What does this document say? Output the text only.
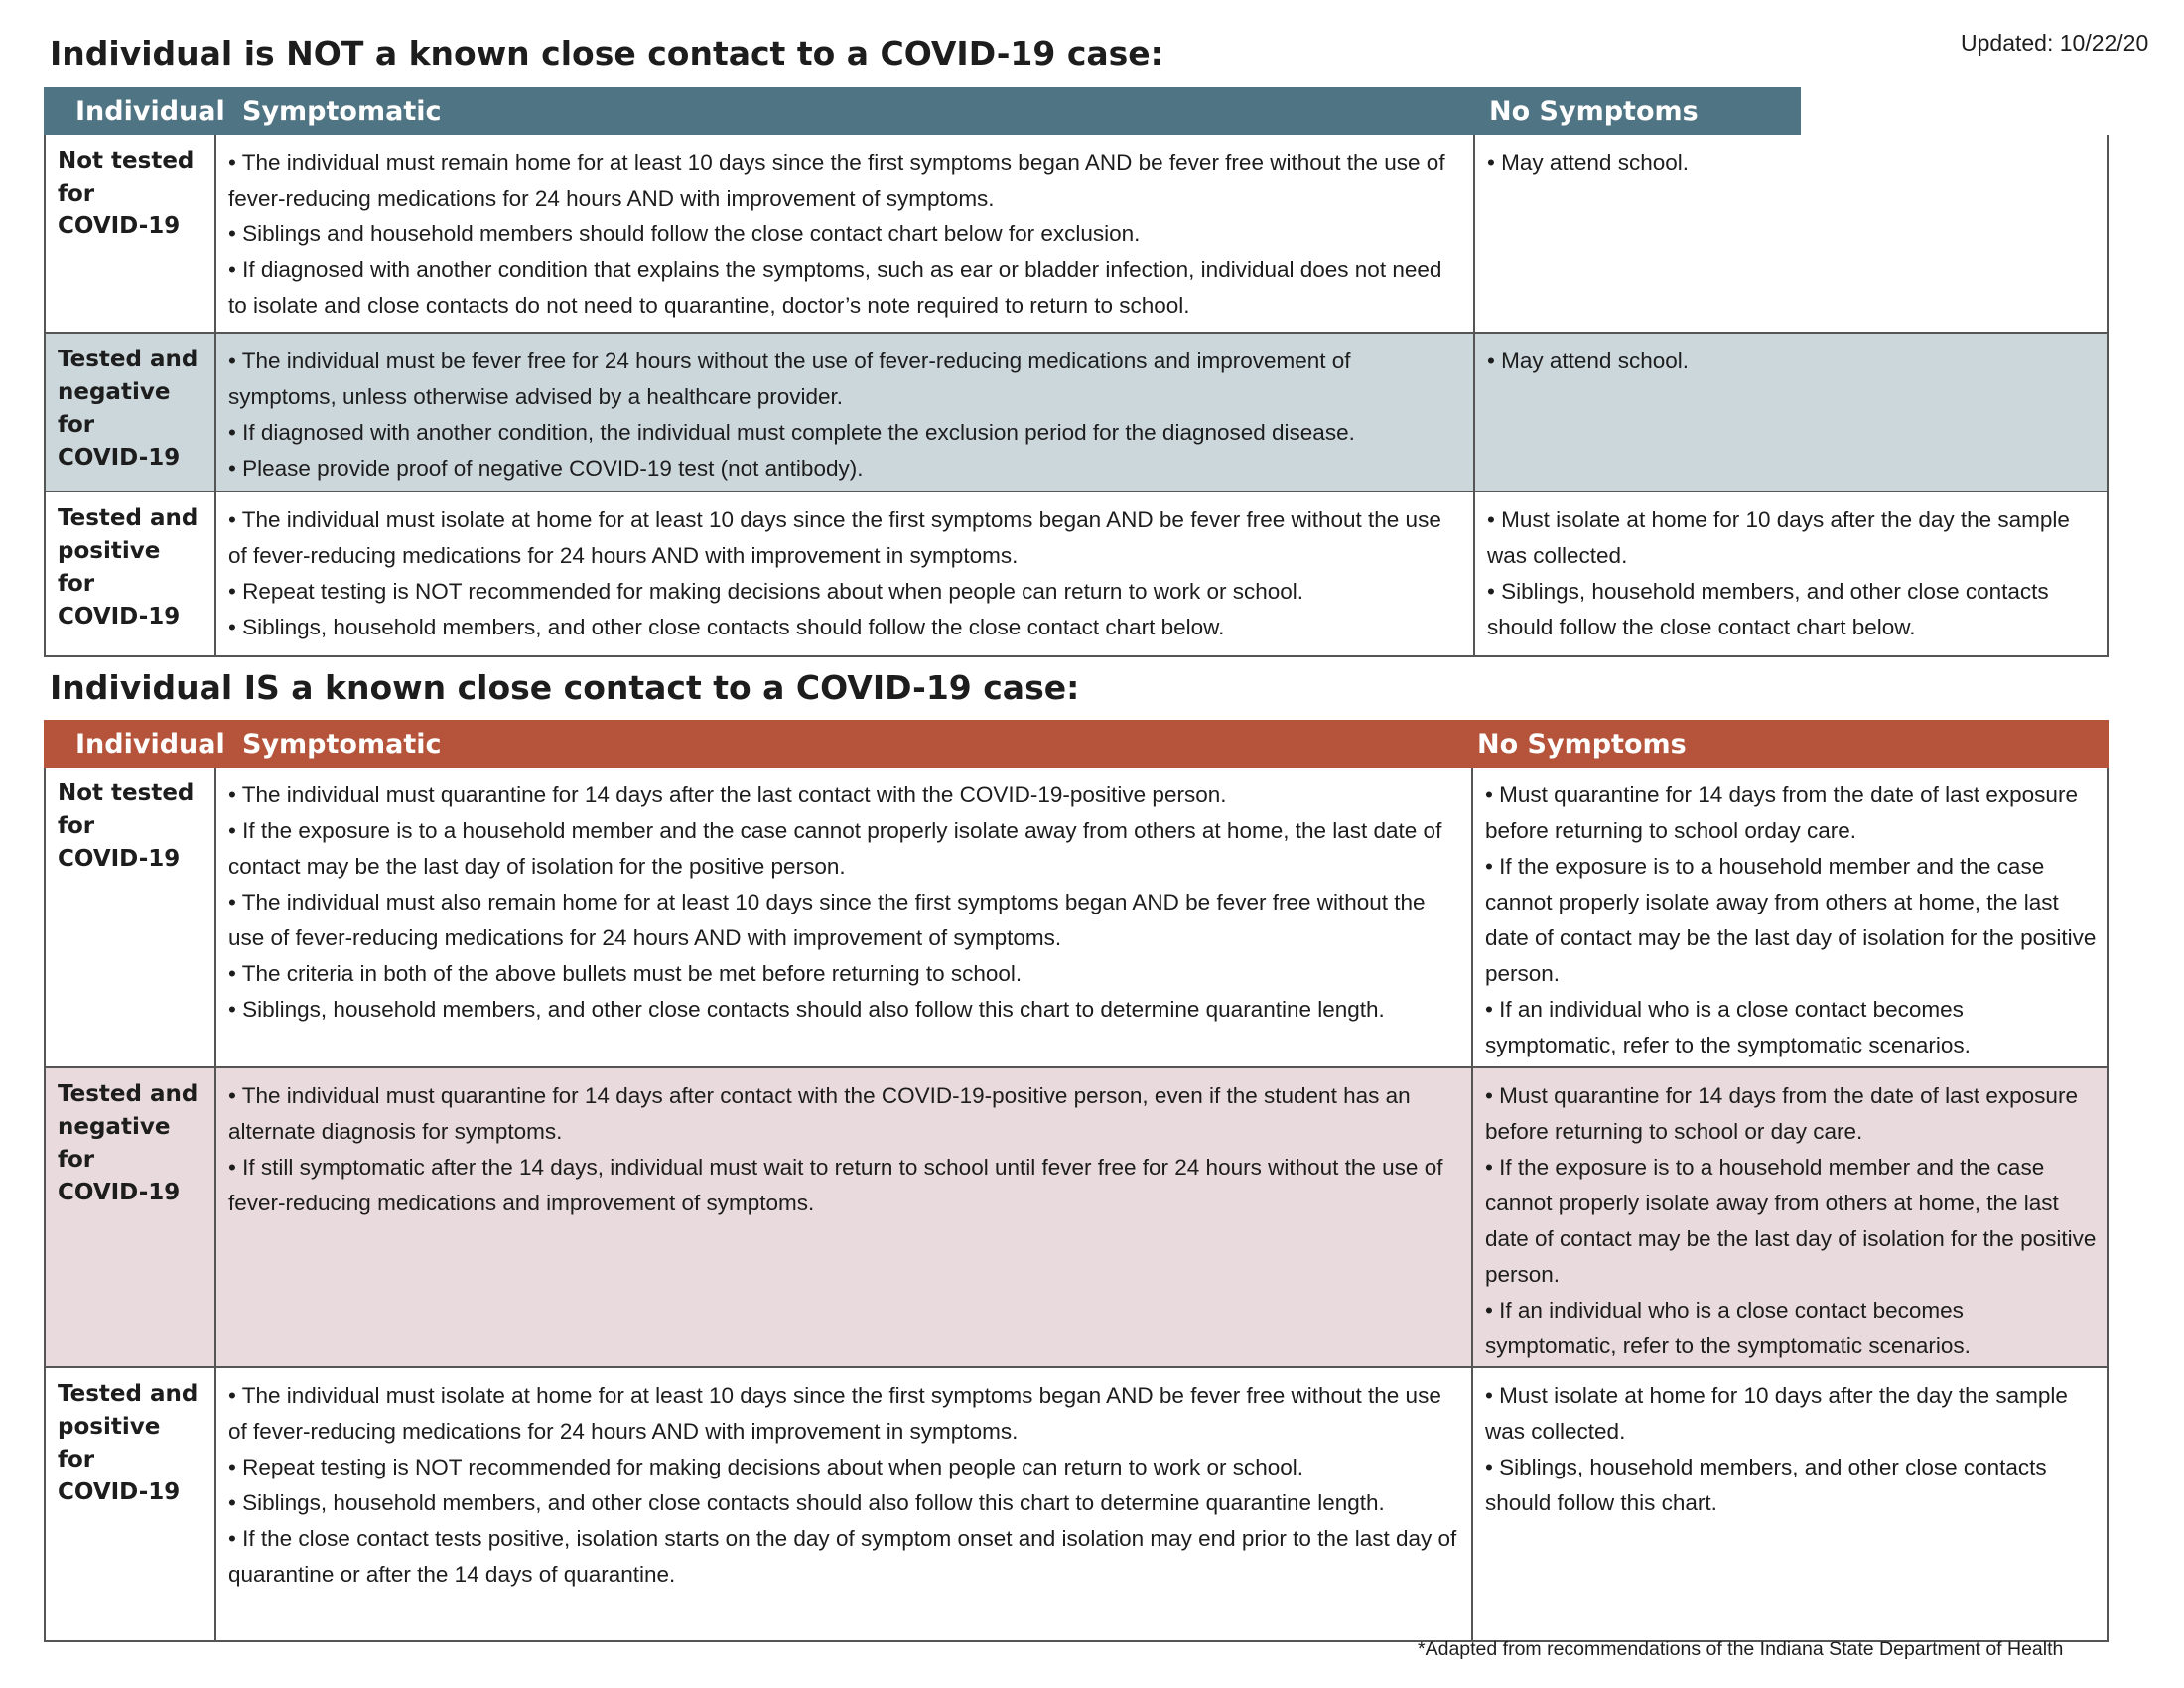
Updated: 10/22/20
Individual is NOT a known close contact to a COVID-19 case:
Individual Symptomatic	No Symptoms
Not tested
for
COVID-19
• The individual must remain home for at least 10 days since the first symptoms began AND be fever free without the use of fever-reducing medications for 24 hours AND with improvement of symptoms.
• Siblings and household members should follow the close contact chart below for exclusion.
• If diagnosed with another condition that explains the symptoms, such as ear or bladder infection, individual does not need to isolate and close contacts do not need to quarantine, doctor’s note required to return to school.
• May attend school.
Tested and
negative for
COVID-19
• The individual must be fever free for 24 hours without the use of fever-reducing medications and improvement of symptoms, unless otherwise advised by a healthcare provider.
• If diagnosed with another condition, the individual must complete the exclusion period for the diagnosed disease.
• Please provide proof of negative COVID-19 test (not antibody).
• May attend school.
Tested and
positive
for
COVID-19
• The individual must isolate at home for at least 10 days since the first symptoms began AND be fever free without the use of fever-reducing medications for 24 hours AND with improvement in symptoms.
• Repeat testing is NOT recommended for making decisions about when people can return to work or school.
• Siblings, household members, and other close contacts should follow the close contact chart below.
• Must isolate at home for 10 days after the day the sample was collected.
• Siblings, household members, and other close contacts should follow the close contact chart below.
Individual IS a known close contact to a COVID-19 case:
Individual Symptomatic	No Symptoms
Not tested
for
COVID-19
• The individual must quarantine for 14 days after the last contact with the COVID-19-positive person.
• If the exposure is to a household member and the case cannot properly isolate away from others at home, the last date of contact may be the last day of isolation for the positive person.
• The individual must also remain home for at least 10 days since the first symptoms began AND be fever free without the use of fever-reducing medications for 24 hours AND with improvement of symptoms.
• The criteria in both of the above bullets must be met before returning to school.
• Siblings, household members, and other close contacts should also follow this chart to determine quarantine length.
• Must quarantine for 14 days from the date of last exposure before returning to school orday care.
• If the exposure is to a household member and the case cannot properly isolate away from others at home, the last date of contact may be the last day of isolation for the positive person.
• If an individual who is a close contact becomes symptomatic, refer to the symptomatic scenarios.
Tested and
negative
for
COVID-19
• The individual must quarantine for 14 days after contact with the COVID-19-positive person, even if the student has an alternate diagnosis for symptoms.
• If still symptomatic after the 14 days, individual must wait to return to school until fever free for 24 hours without the use of fever-reducing medications and improvement of symptoms.
• Must quarantine for 14 days from the date of last exposure before returning to school or day care.
• If the exposure is to a household member and the case cannot properly isolate away from others at home, the last date of contact may be the last day of isolation for the positive person.
• If an individual who is a close contact becomes symptomatic, refer to the symptomatic scenarios.
Tested and
positive
for
COVID-19
• The individual must isolate at home for at least 10 days since the first symptoms began AND be fever free without the use of fever-reducing medications for 24 hours AND with improvement in symptoms.
• Repeat testing is NOT recommended for making decisions about when people can return to work or school.
• Siblings, household members, and other close contacts should also follow this chart to determine quarantine length.
• If the close contact tests positive, isolation starts on the day of symptom onset and isolation may end prior to the last day of quarantine or after the 14 days of quarantine.
• Must isolate at home for 10 days after the day the sample was collected.
• Siblings, household members, and other close contacts should follow this chart.
*Adapted from recommendations of the Indiana State Department of Health
